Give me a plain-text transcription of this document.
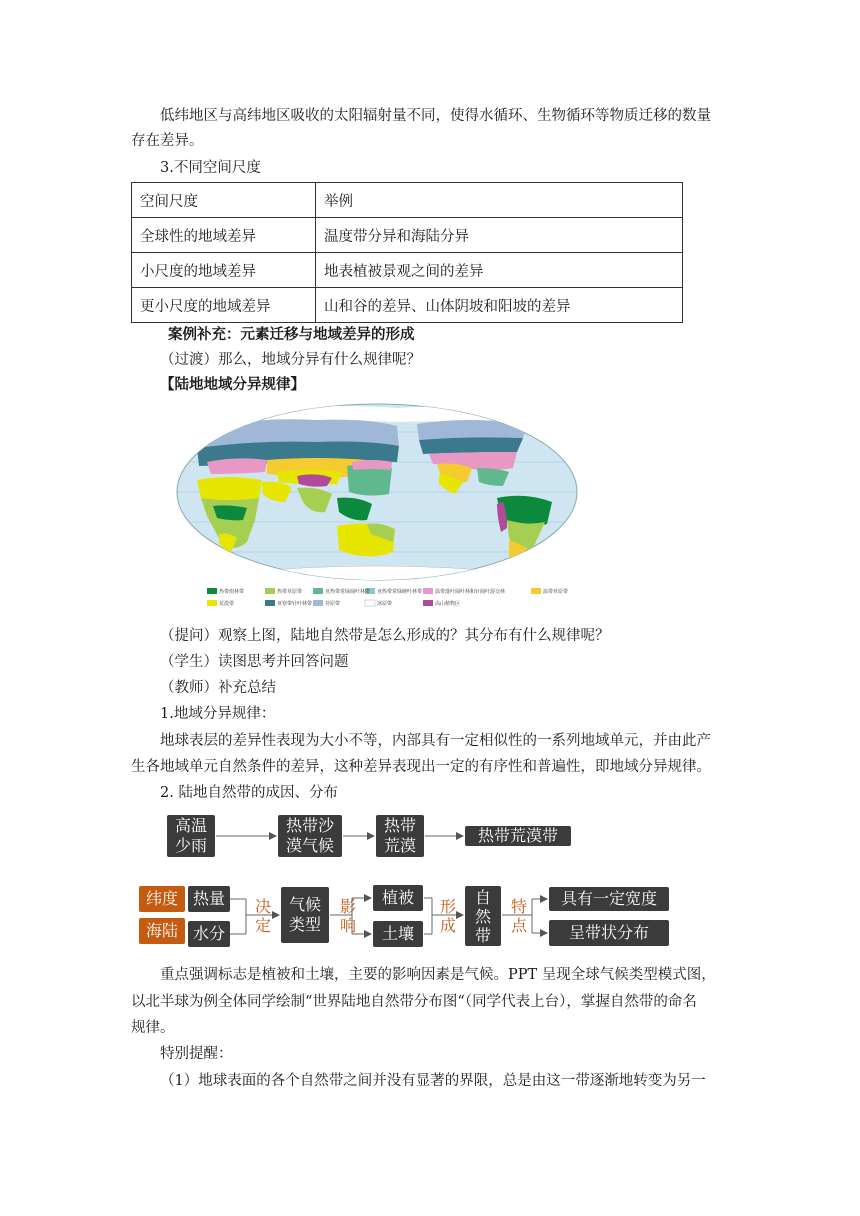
低纬地区与高纬地区吸收的太阳辐射量不同，使得水循环、生物循环等物质迁移的数量

存在差异。

3.不同空间尺度

空间尺度	举例
全球性的地域差异	温度带分异和海陆分异
小尺度的地域差异	地表植被景观之间的差异
更小尺度的地域差异	山和谷的差异、山体阴坡和阳坡的差异

案例补充：元素迁移与地域差异的形成

（过渡）那么，地域分异有什么规律呢？

【陆地地域分异规律】

热带雨林带	热带草原带	亚热带常绿阔叶林带 亚热带常绿硬叶林带	温带落叶阔叶林和针阔叶混交林	温带草原带
荒漠带	亚寒带针叶林带	苔原带	冰原带	高山植物区

（提问）观察上图，陆地自然带是怎么形成的？其分布有什么规律呢？

（学生）读图思考并回答问题

（教师）补充总结

1.地域分异规律：

地球表层的差异性表现为大小不等，内部具有一定相似性的一系列地域单元，并由此产

生各地域单元自然条件的差异，这种差异表现出一定的有序性和普遍性，即地域分异规律。

2. 陆地自然带的成因、分布

高温
少雨
热带沙
漠气候
热带
荒漠
热带荒漠带
纬度
海陆
热量
水分
决
定
气候
类型
影
响
植被
土壤
形
成
自
然
带
特
点
具有一定宽度
呈带状分布

重点强调标志是植被和土壤，主要的影响因素是气候。PPT 呈现全球气候类型模式图，

以北半球为例全体同学绘制“世界陆地自然带分布图“（同学代表上台），掌握自然带的命名

规律。

特别提醒：

（1）地球表面的各个自然带之间并没有显著的界限，总是由这一带逐渐地转变为另一
